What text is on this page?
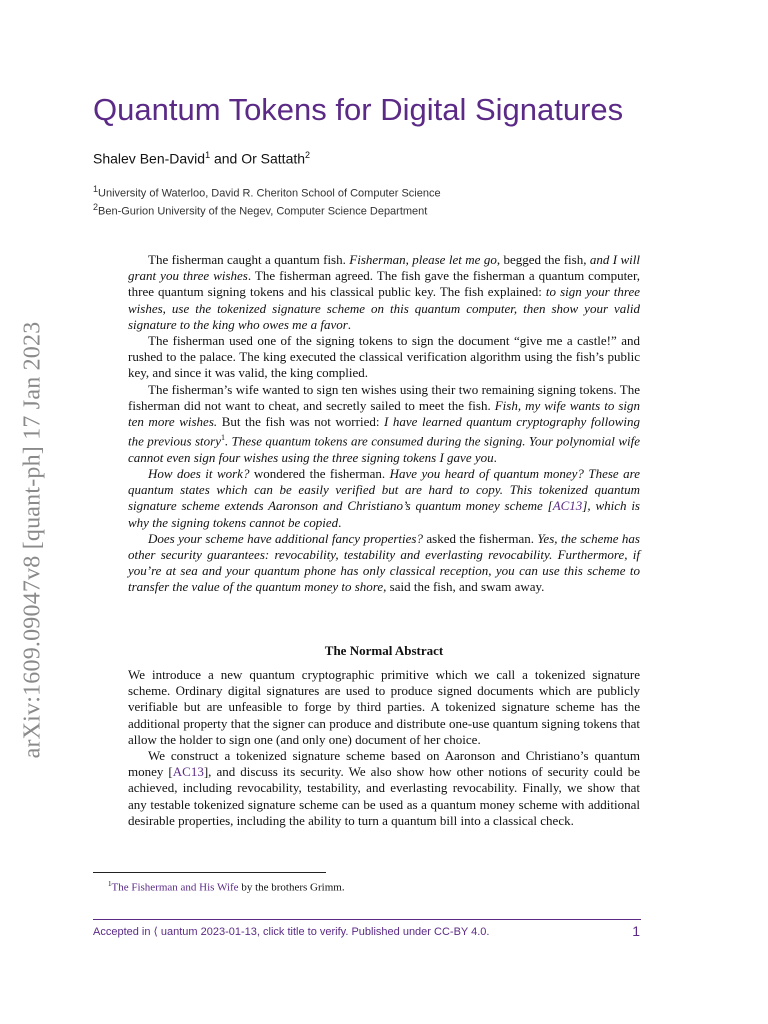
arXiv:1609.09047v8 [quant-ph] 17 Jan 2023
Quantum Tokens for Digital Signatures
Shalev Ben-David$^1$ and Or Sattath$^2$
$^1$University of Waterloo, David R. Cheriton School of Computer Science
$^2$Ben-Gurion University of the Negev, Computer Science Department

The fisherman caught a quantum fish. Fisherman, please let me go, begged the fish, and I will grant you three wishes. The fisherman agreed. The fish gave the fisherman a quantum computer, three quantum signing tokens and his classical public key. The fish explained: to sign your three wishes, use the tokenized signature scheme on this quantum computer, then show your valid signature to the king who owes me a favor.

The fisherman used one of the signing tokens to sign the document “give me a castle!” and rushed to the palace. The king executed the classical verification algorithm using the fish’s public key, and since it was valid, the king complied.

The fisherman’s wife wanted to sign ten wishes using their two remaining signing tokens. The fisherman did not want to cheat, and secretly sailed to meet the fish. Fish, my wife wants to sign ten more wishes. But the fish was not worried: I have learned quantum cryptography following the previous story$^1$. These quantum tokens are consumed during the signing. Your polynomial wife cannot even sign four wishes using the three signing tokens I gave you.

How does it work? wondered the fisherman. Have you heard of quantum money? These are quantum states which can be easily verified but are hard to copy. This tokenized quantum signature scheme extends Aaronson and Christiano’s quantum money scheme [AC13], which is why the signing tokens cannot be copied.

Does your scheme have additional fancy properties? asked the fisherman. Yes, the scheme has other security guarantees: revocability, testability and everlasting revocability. Furthermore, if you’re at sea and your quantum phone has only classical reception, you can use this scheme to transfer the value of the quantum money to shore, said the fish, and swam away.

The Normal Abstract

We introduce a new quantum cryptographic primitive which we call a tokenized signature scheme. Ordinary digital signatures are used to produce signed documents which are publicly verifiable but are unfeasible to forge by third parties. A tokenized signature scheme has the additional property that the signer can produce and distribute one-use quantum signing tokens that allow the holder to sign one (and only one) document of her choice.

We construct a tokenized signature scheme based on Aaronson and Christiano’s quantum money [AC13], and discuss its security. We also show how other notions of security could be achieved, including revocability, testability, and everlasting revocability. Finally, we show that any testable tokenized signature scheme can be used as a quantum money scheme with additional desirable properties, including the ability to turn a quantum bill into a classical check.

$^1$The Fisherman and His Wife by the brothers Grimm.
Accepted in ⟨ uantum 2023-01-13, click title to verify. Published under CC-BY 4.0.	1
